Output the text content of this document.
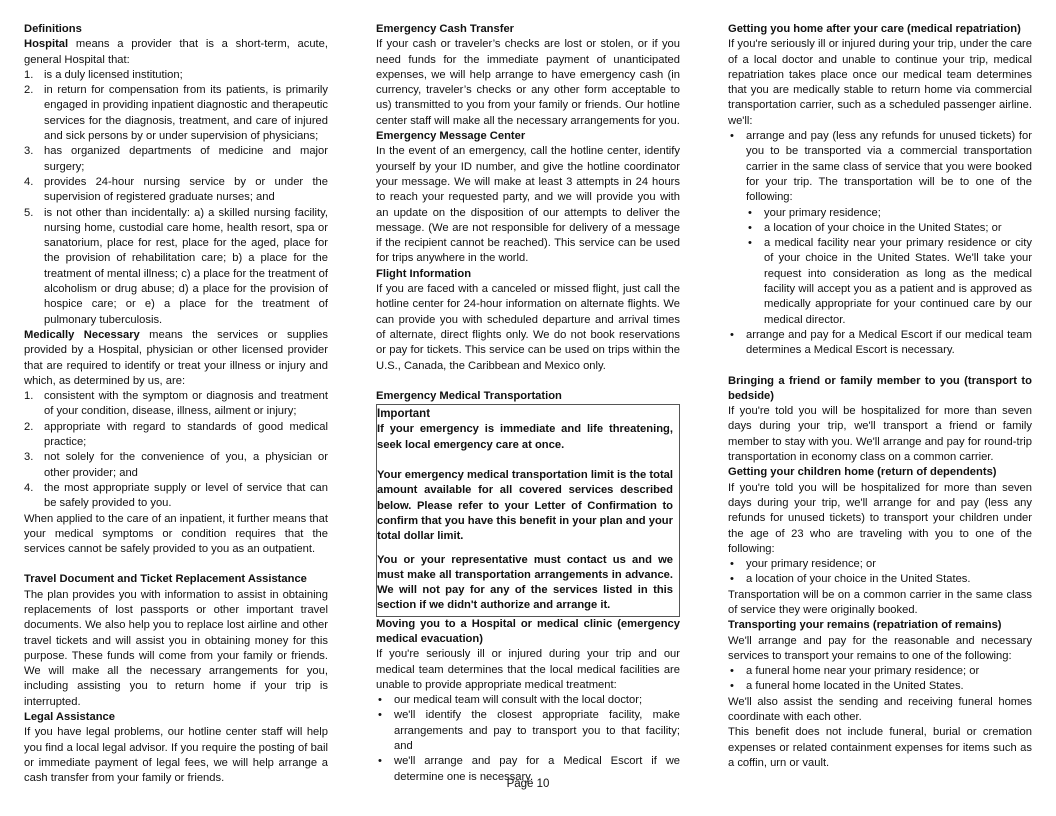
Definitions

Hospital means a provider that is a short-term, acute, general Hospital that:

1. is a duly licensed institution;
2. in return for compensation from its patients, is primarily engaged in providing inpatient diagnostic and therapeutic services for the diagnosis, treatment, and care of injured and sick persons by or under supervision of physicians;
3. has organized departments of medicine and major surgery;
4. provides 24-hour nursing service by or under the supervision of registered graduate nurses; and
5. is not other than incidentally: a) a skilled nursing facility, nursing home, custodial care home, health resort, spa or sanatorium, place for rest, place for the aged, place for the provision of rehabilitation care; b) a place for the treatment of mental illness; c) a place for the treatment of alcoholism or drug abuse; d) a place for the provision of hospice care; or e) a place for the treatment of pulmonary tuberculosis.

Medically Necessary means the services or supplies provided by a Hospital, physician or other licensed provider that are required to identify or treat your illness or injury and which, as determined by us, are:

1. consistent with the symptom or diagnosis and treatment of your condition, disease, illness, ailment or injury;
2. appropriate with regard to standards of good medical practice;
3. not solely for the convenience of you, a physician or other provider; and
4. the most appropriate supply or level of service that can be safely provided to you.

When applied to the care of an inpatient, it further means that your medical symptoms or condition requires that the services cannot be safely provided to you as an outpatient.

Travel Document and Ticket Replacement Assistance

The plan provides you with information to assist in obtaining replacements of lost passports or other important travel documents. We also help you to replace lost airline and other travel tickets and will assist you in obtaining money for this purpose. These funds will come from your family or friends. We will make all the necessary arrangements for you, including assisting you to return home if your trip is interrupted.

Legal Assistance

If you have legal problems, our hotline center staff will help you find a local legal advisor. If you require the posting of bail or immediate payment of legal fees, we will help arrange a cash transfer from your family or friends.

Emergency Cash Transfer

If your cash or traveler’s checks are lost or stolen, or if you need funds for the immediate payment of unanticipated expenses, we will help arrange to have emergency cash (in currency, traveler’s checks or any other form acceptable to us) transmitted to you from your family or friends. Our hotline center staff will make all the necessary arrangements for you.

Emergency Message Center

In the event of an emergency, call the hotline center, identify yourself by your ID number, and give the hotline coordinator your message. We will make at least 3 attempts in 24 hours to reach your requested party, and we will provide you with an update on the disposition of our attempts to deliver the message. (We are not responsible for delivery of a message if the recipient cannot be reached). This service can be used for trips anywhere in the world.

Flight Information

If you are faced with a canceled or missed flight, just call the hotline center for 24-hour information on alternate flights. We can provide you with scheduled departure and arrival times of alternate, direct flights only. We do not book reservations or pay for tickets. This service can be used on trips within the U.S., Canada, the Caribbean and Mexico only.

Emergency Medical Transportation

Important

If your emergency is immediate and life threatening, seek local emergency care at once.

Your emergency medical transportation limit is the total amount available for all covered services described below. Please refer to your Letter of Confirmation to confirm that you have this benefit in your plan and your total dollar limit.

You or your representative must contact us and we must make all transportation arrangements in advance. We will not pay for any of the services listed in this section if we didn't authorize and arrange it.

Moving you to a Hospital or medical clinic (emergency medical evacuation)

If you're seriously ill or injured during your trip and our medical team determines that the local medical facilities are unable to provide appropriate medical treatment:

• our medical team will consult with the local doctor;
• we'll identify the closest appropriate facility, make arrangements and pay to transport you to that facility; and
• we'll arrange and pay for a Medical Escort if we determine one is necessary.

Getting you home after your care (medical repatriation)

If you're seriously ill or injured during your trip, under the care of a local doctor and unable to continue your trip, medical repatriation takes place once our medical team determines that you are medically stable to return home via commercial transportation carrier, such as a scheduled passenger airline. we'll:

• arrange and pay (less any refunds for unused tickets) for you to be transported via a commercial transportation carrier in the same class of service that you were booked for your trip. The transportation will be to one of the following:
• your primary residence;
• a location of your choice in the United States; or
• a medical facility near your primary residence or city of your choice in the United States. We'll take your request into consideration as long as the medical facility will accept you as a patient and is approved as medically appropriate for your continued care by our medical director.
• arrange and pay for a Medical Escort if our medical team determines a Medical Escort is necessary.

Bringing a friend or family member to you (transport to bedside)

If you're told you will be hospitalized for more than seven days during your trip, we'll transport a friend or family member to stay with you. We'll arrange and pay for round-trip transportation in economy class on a common carrier.

Getting your children home (return of dependents)

If you're told you will be hospitalized for more than seven days during your trip, we'll arrange for and pay (less any refunds for unused tickets) to transport your children under the age of 23 who are traveling with you to one of the following:

• your primary residence; or
• a location of your choice in the United States.

Transportation will be on a common carrier in the same class of service they were originally booked.

Transporting your remains (repatriation of remains)

We'll arrange and pay for the reasonable and necessary services to transport your remains to one of the following:

• a funeral home near your primary residence; or
• a funeral home located in the United States.

We'll also assist the sending and receiving funeral homes coordinate with each other.

This benefit does not include funeral, burial or cremation expenses or related containment expenses for items such as a coffin, urn or vault.

Page 10
